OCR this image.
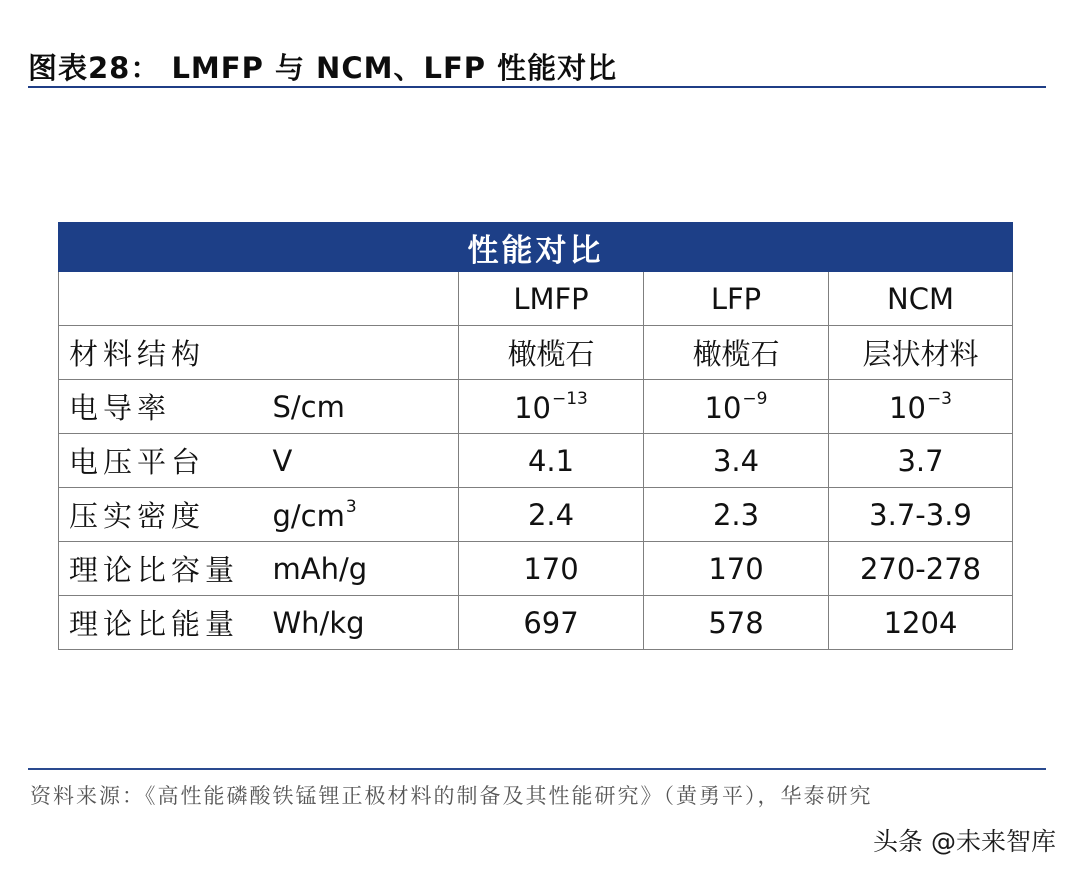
图表28： LMFP 与 NCM、LFP 性能对比
性能对比				
		LMFP	LFP	NCM
材料结构		橄榄石	橄榄石	层状材料
电导率	S/cm	$10^{-13}$	$10^{-9}$	$10^{-3}$
电压平台	V	4.1	3.4	3.7
压实密度	$g/cm^3$	2.4	2.3	3.7-3.9
理论比容量	mAh/g	170	170	270-278
理论比能量	Wh/kg	697	578	1204
资料来源：《高性能磷酸铁锰锂正极材料的制备及其性能研究》（黄勇平），华泰研究
头条 @未来智库
